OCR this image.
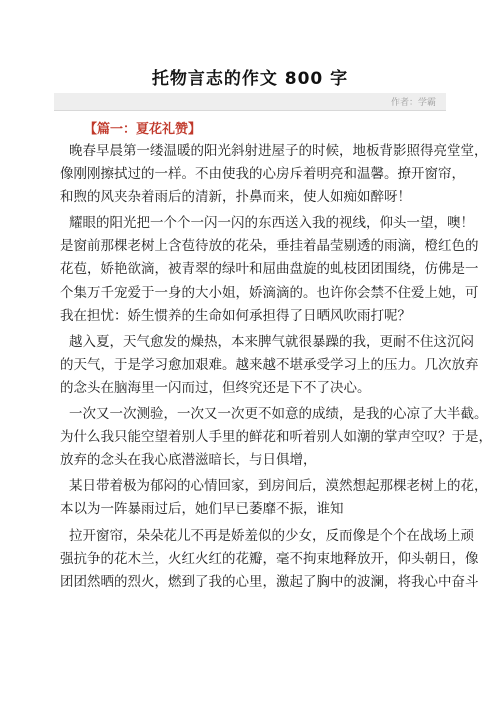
托物言志的作文 800 字
作者：学霸
【篇一：夏花礼赞】
晚春早晨第一缕温暖的阳光斜射进屋子的时候，地板背影照得亮堂堂，
像刚刚擦拭过的一样。不由使我的心房斥着明亮和温馨。撩开窗帘，
和煦的风夹杂着雨后的清新，扑鼻而来，使人如痴如醉呀！
耀眼的阳光把一个个一闪一闪的东西送入我的视线，仰头一望，噢！
是窗前那棵老树上含苞待放的花朵，垂挂着晶莹剔透的雨滴，橙红色的
花苞，娇艳欲滴，被青翠的绿叶和屈曲盘旋的虬枝团团围绕，仿佛是一
个集万千宠爱于一身的大小姐，娇滴滴的。也许你会禁不住爱上她，可
我在担忧：娇生惯养的生命如何承担得了日晒风吹雨打呢？
越入夏，天气愈发的燥热，本来脾气就很暴躁的我，更耐不住这沉闷
的天气，于是学习愈加艰难。越来越不堪承受学习上的压力。几次放弃
的念头在脑海里一闪而过，但终究还是下不了决心。
一次又一次测验，一次又一次更不如意的成绩，是我的心凉了大半截。
为什么我只能空望着别人手里的鲜花和听着别人如潮的掌声空叹？于是，
放弃的念头在我心底潜滋暗长，与日俱增，
某日带着极为郁闷的心情回家，到房间后，漠然想起那棵老树上的花，
本以为一阵暴雨过后，她们早已萎靡不振，谁知
拉开窗帘，朵朵花儿不再是娇羞似的少女，反而像是个个在战场上顽
强抗争的花木兰，火红火红的花瓣，毫不拘束地释放开，仰头朝日，像
团团然晒的烈火，燃到了我的心里，激起了胸中的波澜，将我心中奋斗
